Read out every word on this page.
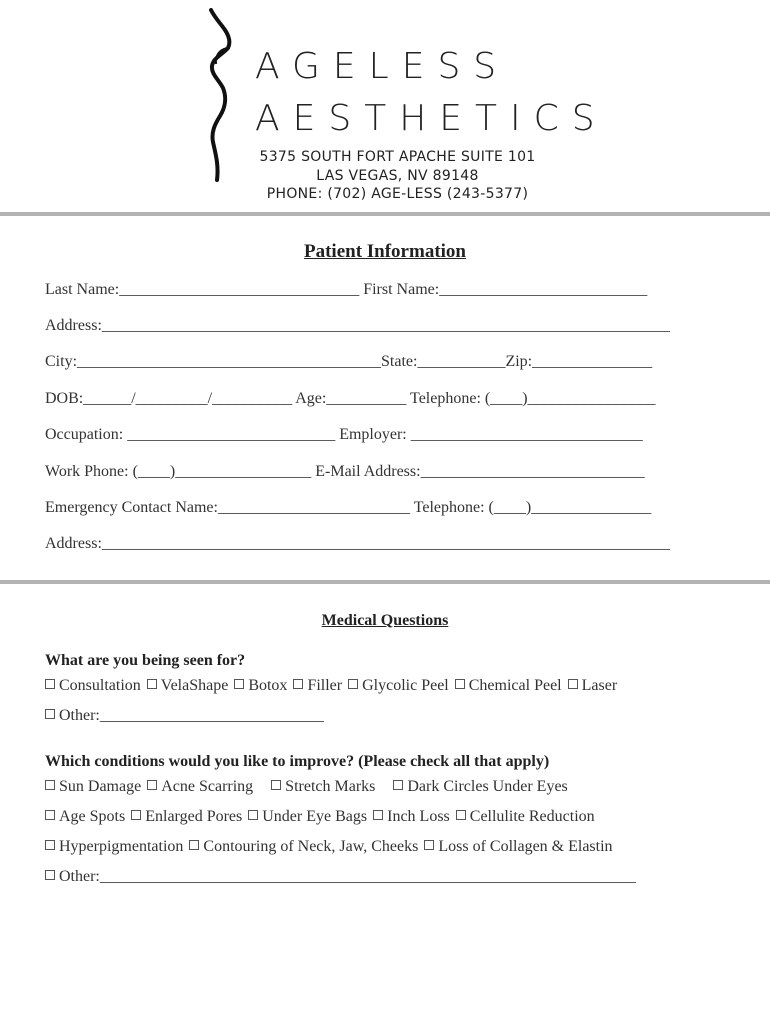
AGELESS
AESTHETICS
5375 SOUTH FORT APACHE SUITE 101
LAS VEGAS, NV 89148
PHONE: (702) AGE-LESS (243-5377)
Patient Information
Last Name:______________________________ First Name:__________________________
Address:_______________________________________________________________________
City:______________________________________State:___________Zip:_______________
DOB:______/_________/__________ Age:__________ Telephone: (____)________________
Occupation: __________________________ Employer: _____________________________
Work Phone: (____)_________________ E-Mail Address:____________________________
Emergency Contact Name:________________________ Telephone: (____)_______________
Address:_______________________________________________________________________
Medical Questions
What are you being seen for?
Consultation VelaShape Botox Filler Glycolic Peel Chemical Peel Laser
Other:____________________________
Which conditions would you like to improve? (Please check all that apply)
Sun Damage Acne Scarring Stretch Marks Dark Circles Under Eyes
Age Spots Enlarged Pores Under Eye Bags Inch Loss Cellulite Reduction
Hyperpigmentation Contouring of Neck, Jaw, Cheeks Loss of Collagen & Elastin
Other:___________________________________________________________________
